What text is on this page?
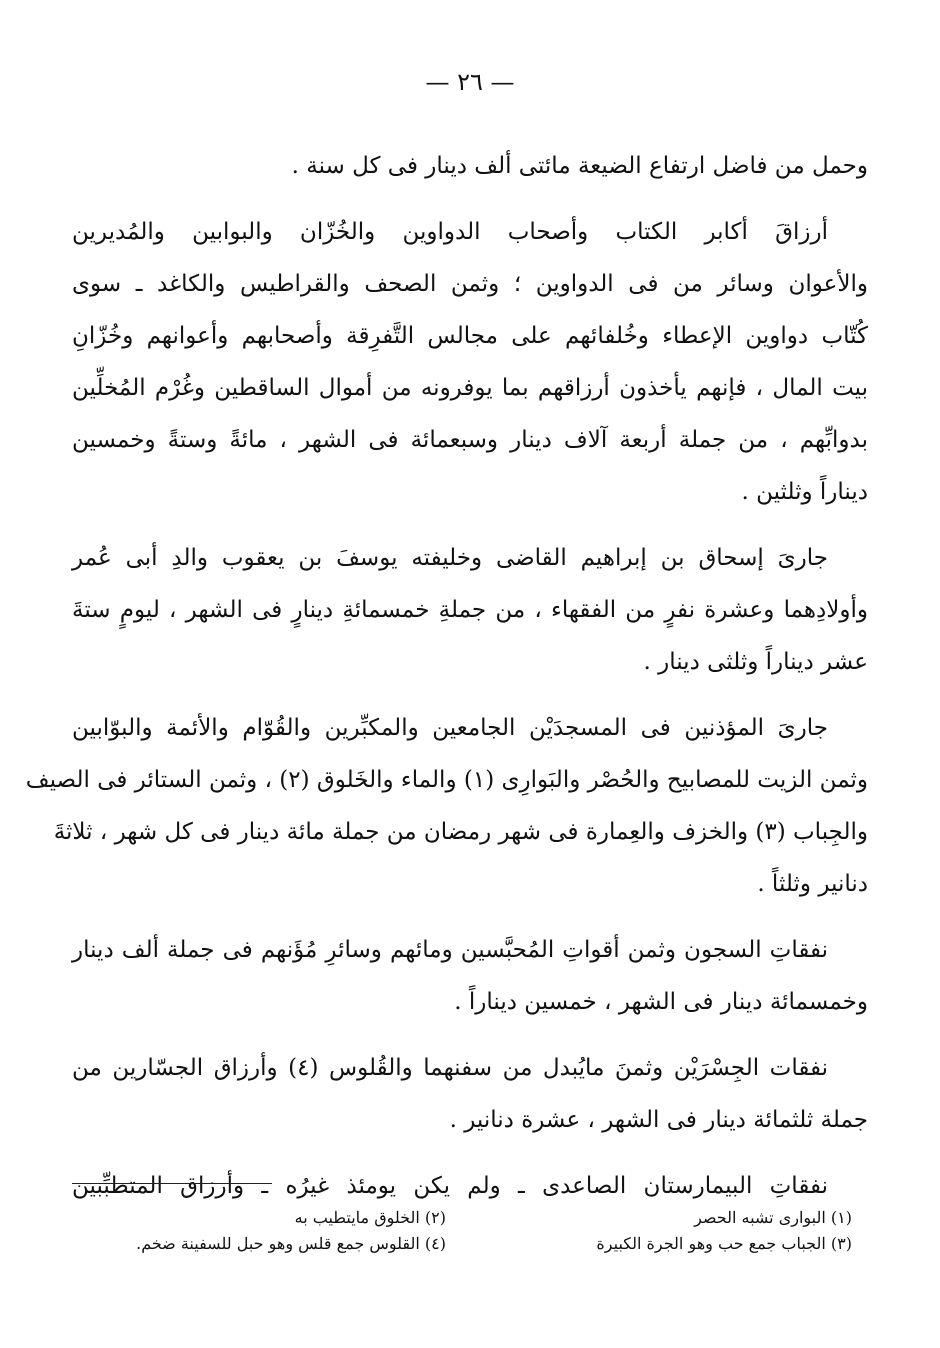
— ٢٦ —
وحمل من فاضل ارتفاع الضيعة مائتى ألف دينار فى كل سنة .
أرزاقَ أكابر الكتاب وأصحاب الدواوين والخُزّان والبوابين والمُديرين
والأعوان وسائر من فى الدواوين ؛ وثمن الصحف والقراطيس والكاغد ـ سوى
كُتّاب دواوين الإعطاء وخُلفائهم على مجالس التَّفرِقة وأصحابهم وأعوانهم وخُزّانِ
بيت المال ، فإنهم يأخذون أرزاقهم بما يوفرونه من أموال الساقطين وغُرْم المُخلِّين
بدوابِّهم ، من جملة أربعة آلاف دينار وسبعمائة فى الشهر ، مائةً وستةً وخمسين
ديناراً وثلثين .
جارىَ إسحاق بن إبراهيم القاضى وخليفته يوسفَ بن يعقوب والدِ أبى عُمر
وأولادِهما وعشرة نفرٍ من الفقهاء ، من جملةِ خمسمائةِ دينارٍ فى الشهر ، ليومٍ ستةَ
عشر ديناراً وثلثى دينار .
جارىَ المؤذنين فى المسجدَيْن الجامعين والمكبِّرين والقُوّام والأئمة والبوّابين
وثمن الزيت للمصابيح والحُصْر والبَوارِى (١) والماء والخَلوق (٢) ، وثمن الستائر فى الصيف
والجِباب (٣) والخزف والعِمارة فى شهر رمضان من جملة مائة دينار فى كل شهر ، ثلاثةَ
دنانير وثلثاً .
نفقاتِ السجون وثمن أقواتِ المُحبَّسين ومائهم وسائرِ مُؤَنهم فى جملة ألف دينار
وخمسمائة دينار فى الشهر ، خمسين ديناراً .
نفقات الجِسْرَيْن وثمنَ مايُبدل من سفنهما والقُلوس (٤) وأرزاق الجسّارين من
جملة ثلثمائة دينار فى الشهر ، عشرة دنانير .
نفقاتِ البيمارستان الصاعدى ـ ولم يكن يومئذ غيرُه ـ وأرزاق المتطبِّبين
(١) البوارى تشبه الحصر
(٢) الخلوق مايتطيب به
(٣) الجباب جمع حب وهو الجرة الكبيرة
(٤) القلوس جمع قلس وهو حبل للسفينة ضخم.
